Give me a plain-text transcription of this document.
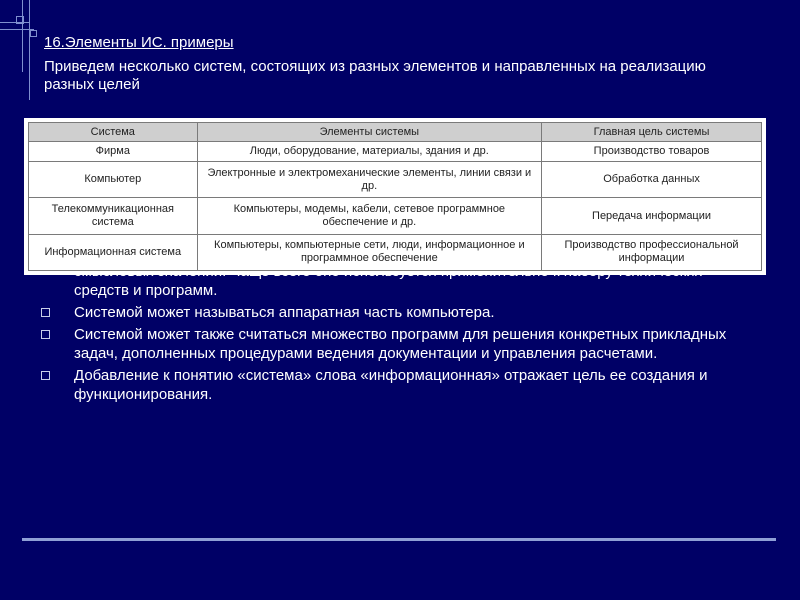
16.Элементы ИС. примеры

Приведем несколько систем, состоящих из разных элементов и направленных на реализацию разных целей

средств и программ.
Системой может называться аппаратная часть компьютера.
Системой может также считаться множество программ для решения конкретных прикладных задач, дополненных процедурами ведения документации и управления расчетами.
Добавление к понятию «система» слова «информационная» отражает цель ее создания и функционирования.
Система	Элементы системы	Главная цель системы
Фирма	Люди, оборудование, материалы, здания и др.	Производство товаров
Компьютер	Электронные и электромеханические элементы, линии связи и др.	Обработка данных
Телекоммуникационная система	Компьютеры, модемы, кабели, сетевое программное обеспечение и др.	Передача информации
Информационная система	Компьютеры, компьютерные сети, люди, информационное и программное обеспечение	Производство профессиональной информации
